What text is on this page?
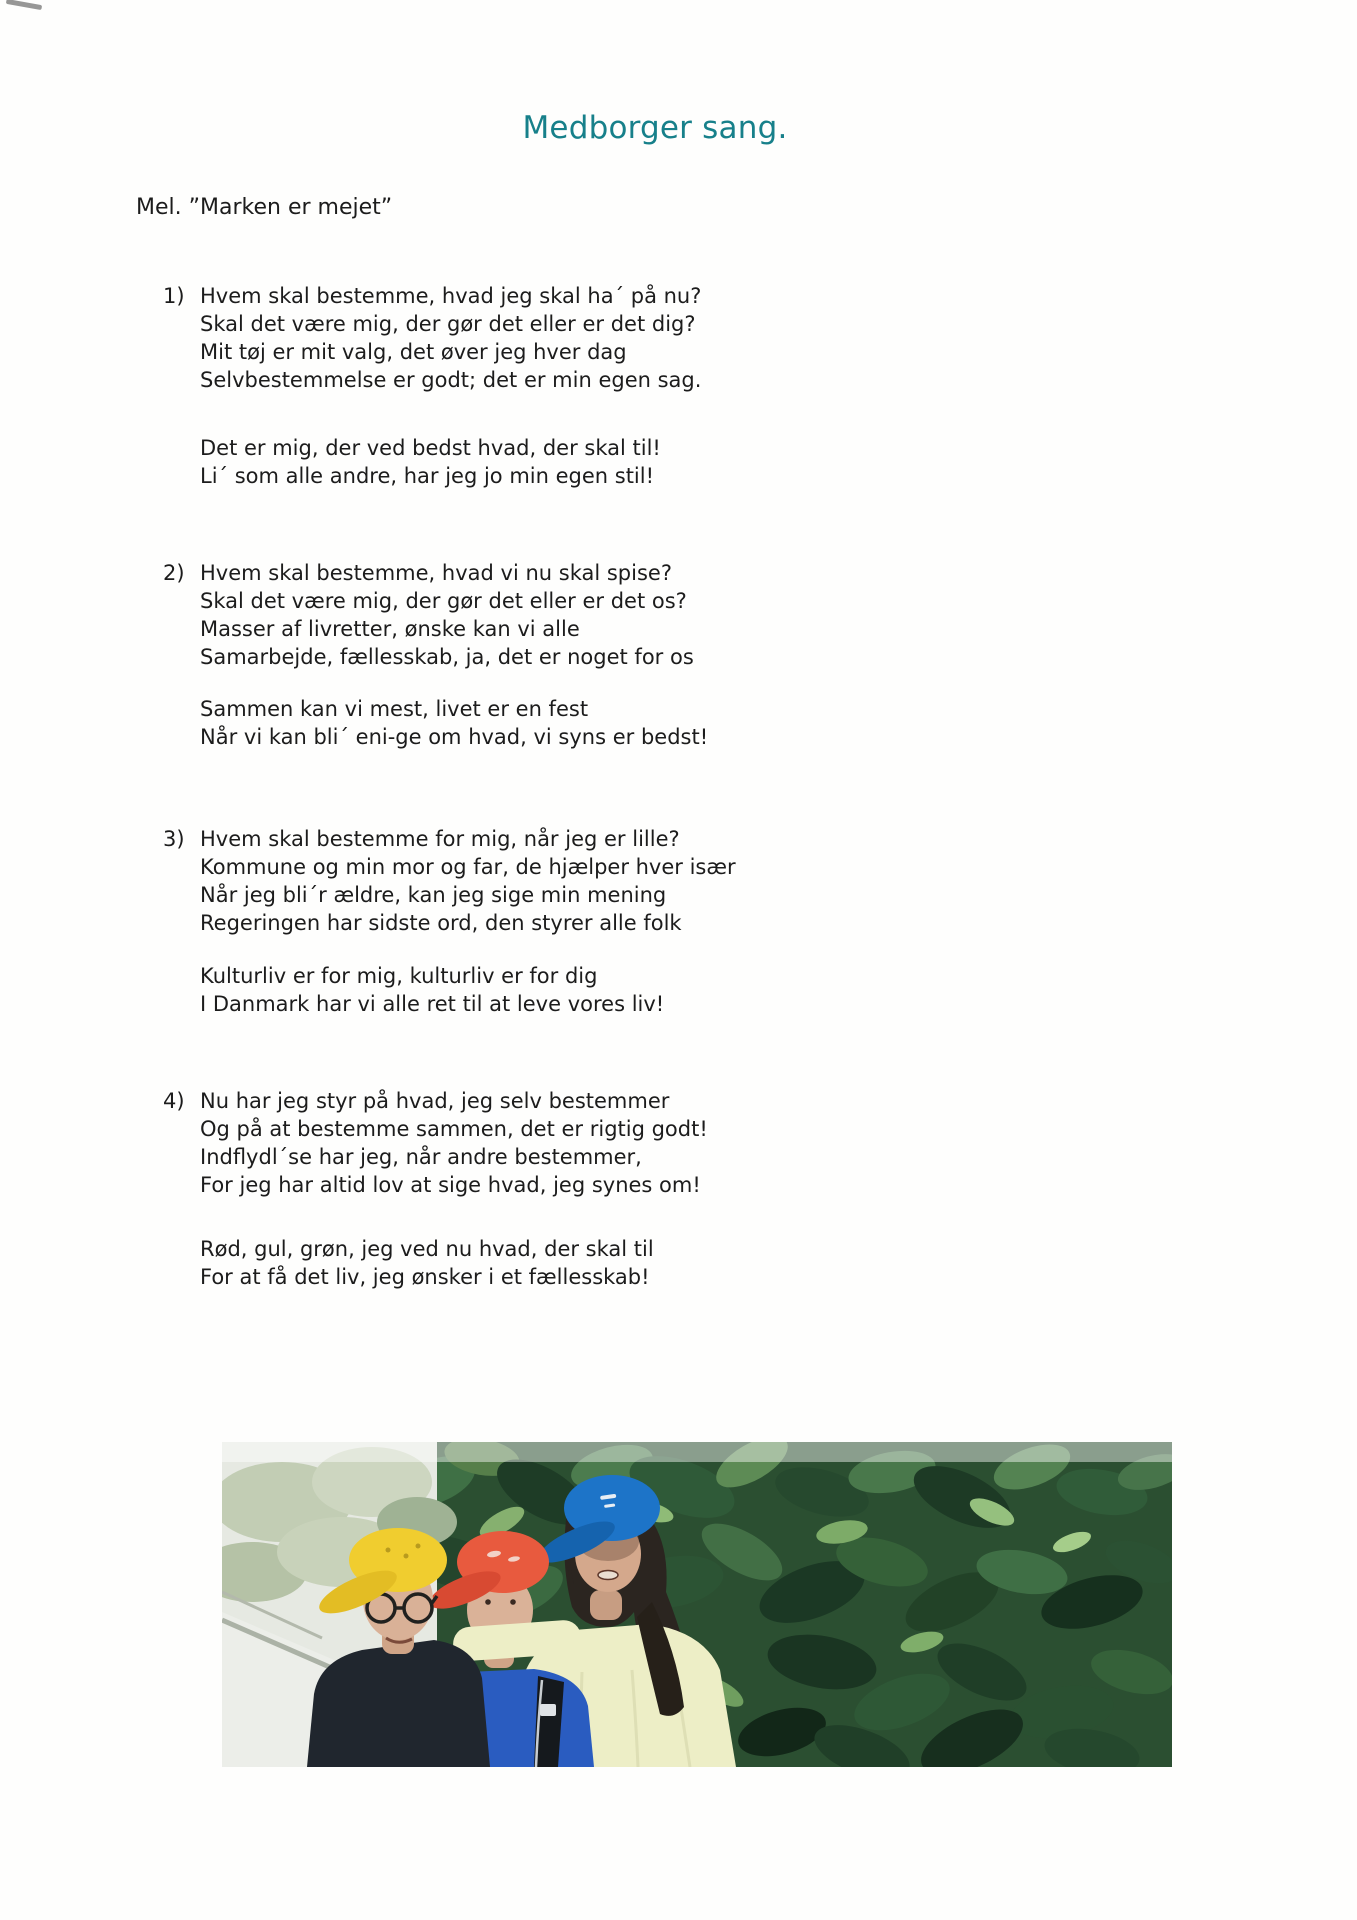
Medborger sang.
Mel. ”Marken er mejet”
1) Hvem skal bestemme, hvad jeg skal ha´ på nu?
Skal det være mig, der gør det eller er det dig?
Mit tøj er mit valg, det øver jeg hver dag
Selvbestemmelse er godt; det er min egen sag.
Det er mig, der ved bedst hvad, der skal til!
Li´ som alle andre, har jeg jo min egen stil!
2) Hvem skal bestemme, hvad vi nu skal spise?
Skal det være mig, der gør det eller er det os?
Masser af livretter, ønske kan vi alle
Samarbejde, fællesskab, ja, det er noget for os
Sammen kan vi mest, livet er en fest
Når vi kan bli´ eni-ge om hvad, vi syns er bedst!
3) Hvem skal bestemme for mig, når jeg er lille?
Kommune og min mor og far, de hjælper hver især
Når jeg bli´r ældre, kan jeg sige min mening
Regeringen har sidste ord, den styrer alle folk
Kulturliv er for mig, kulturliv er for dig
I Danmark har vi alle ret til at leve vores liv!
4) Nu har jeg styr på hvad, jeg selv bestemmer
Og på at bestemme sammen, det er rigtig godt!
Indflydl´se har jeg, når andre bestemmer,
For jeg har altid lov at sige hvad, jeg synes om!
Rød, gul, grøn, jeg ved nu hvad, der skal til
For at få det liv, jeg ønsker i et fællesskab!
